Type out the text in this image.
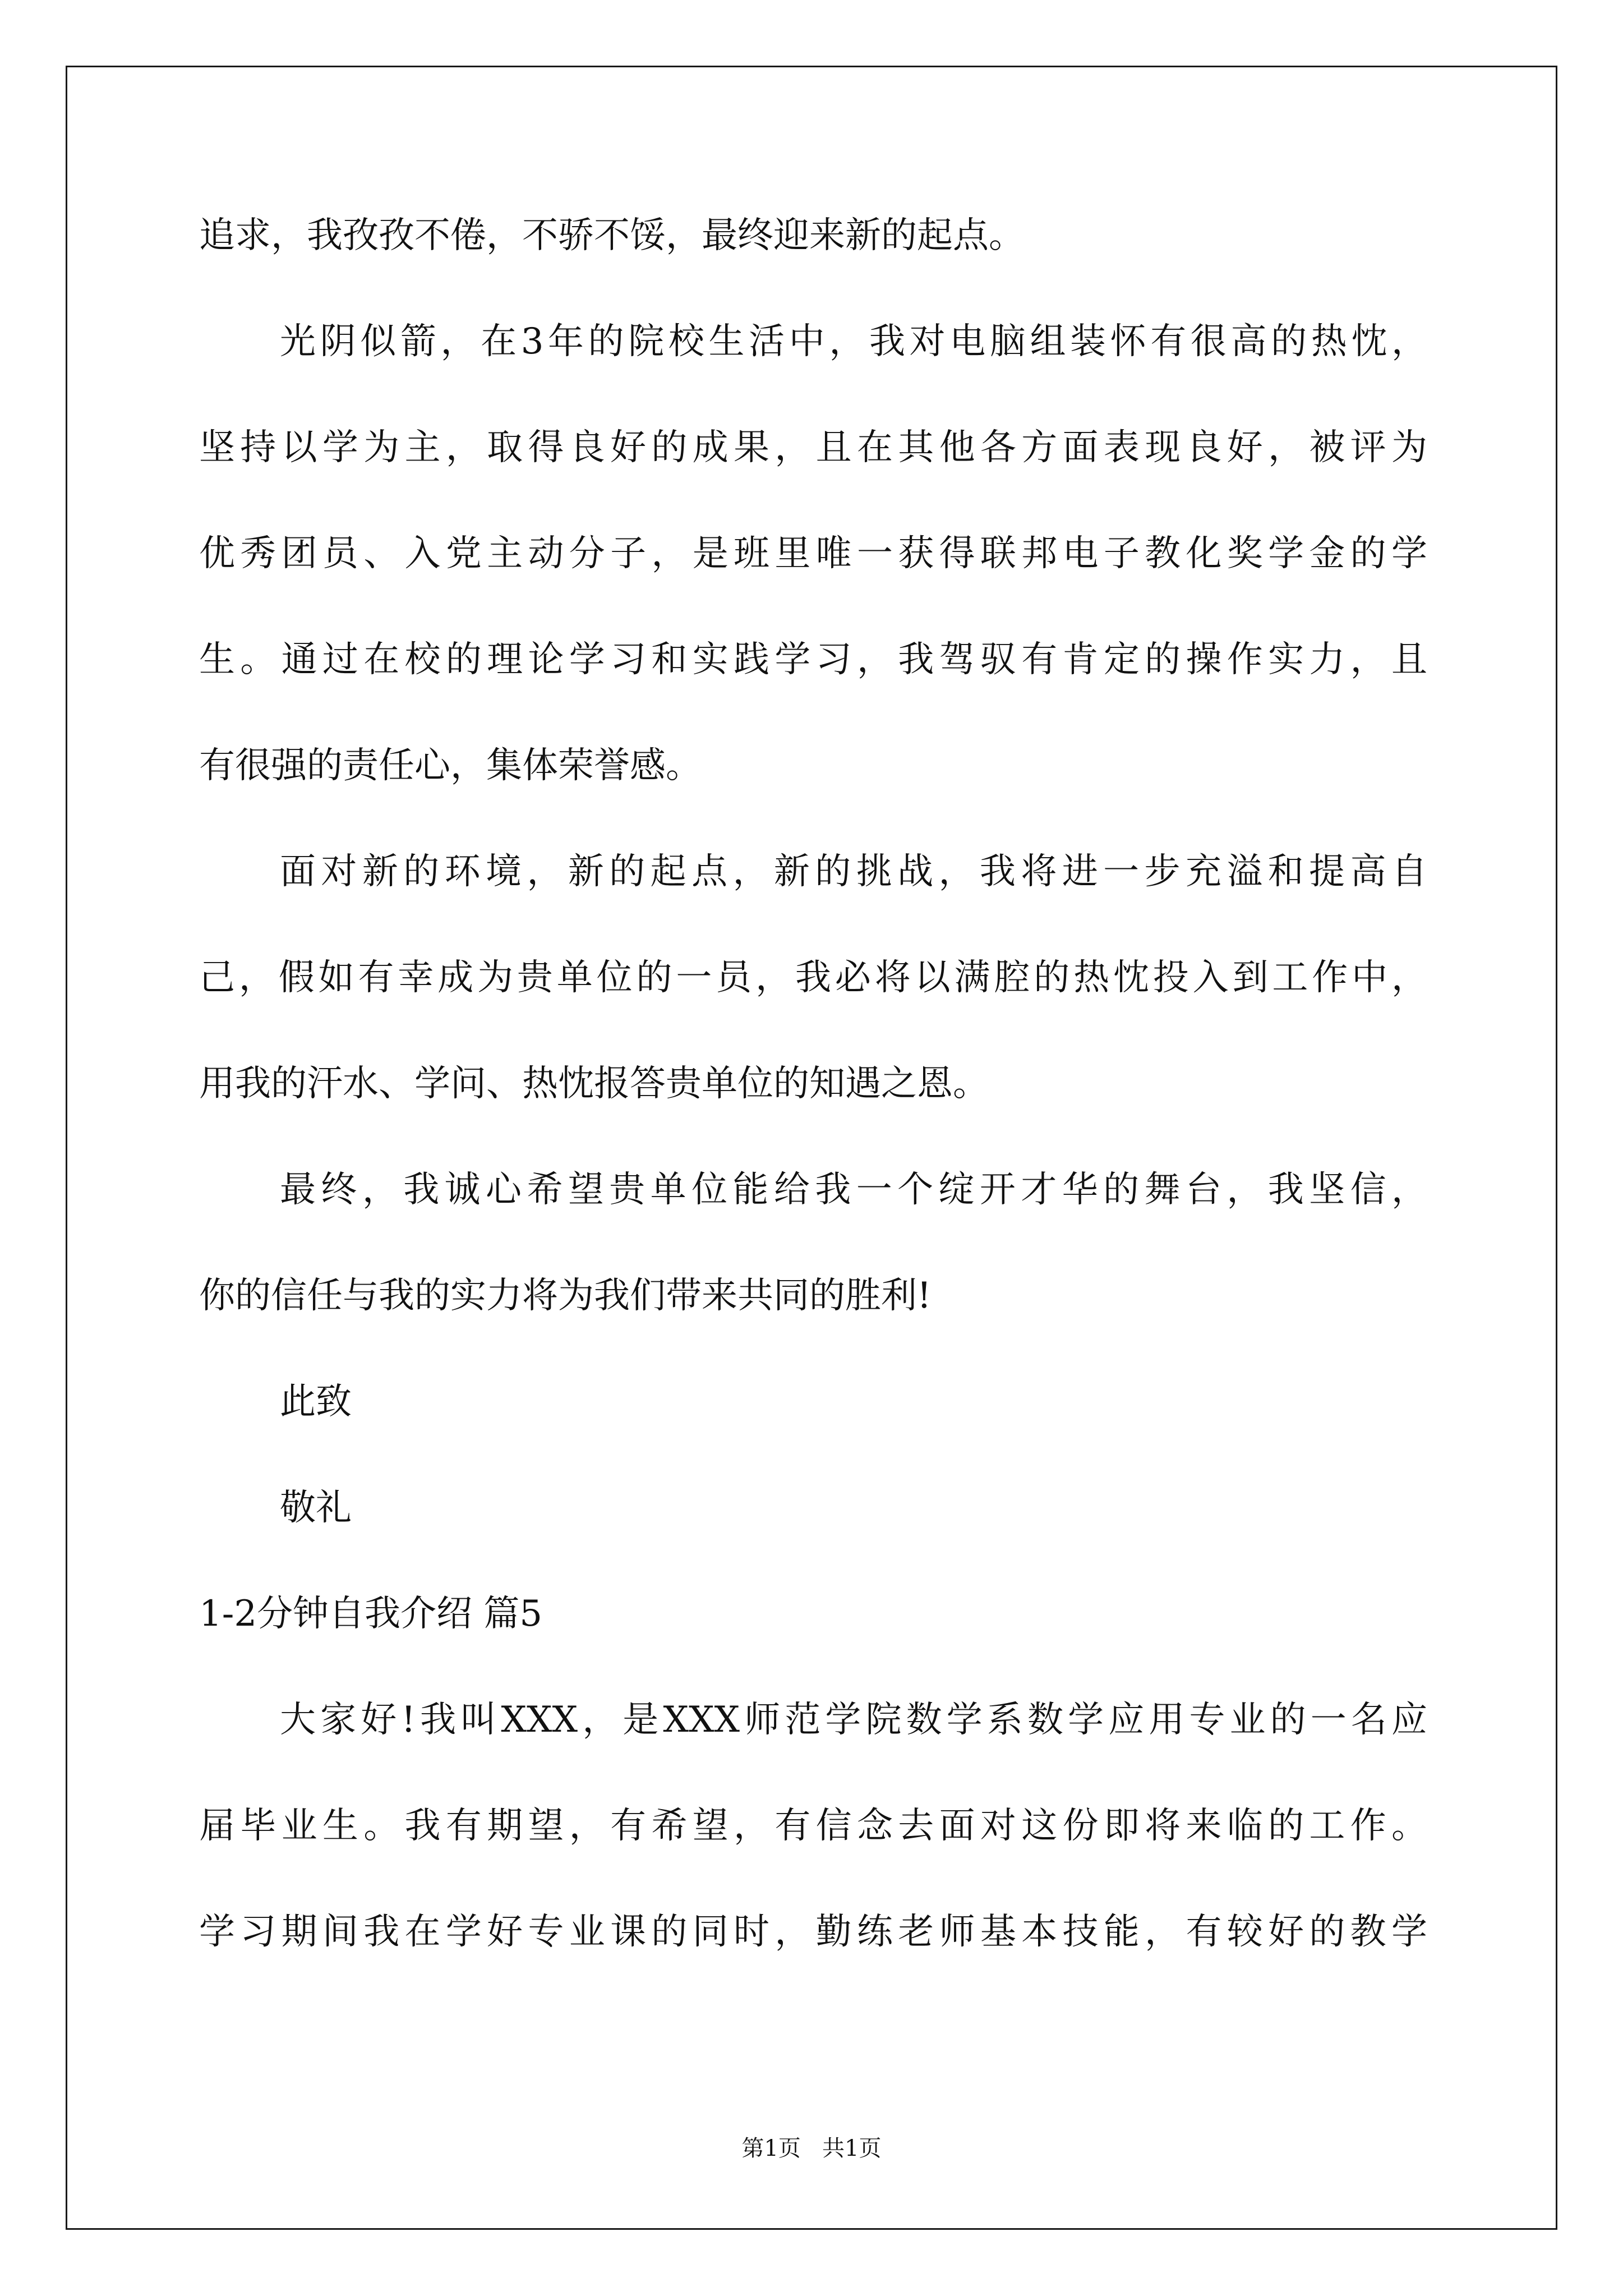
追求，我孜孜不倦，不骄不馁，最终迎来新的起点。
光阴似箭，在3年的院校生活中，我对电脑组装怀有很高的热忱，
坚持以学为主，取得良好的成果，且在其他各方面表现良好，被评为
优秀团员、入党主动分子，是班里唯一获得联邦电子教化奖学金的学
生。通过在校的理论学习和实践学习，我驾驭有肯定的操作实力，且
有很强的责任心，集体荣誉感。
面对新的环境，新的起点，新的挑战，我将进一步充溢和提高自
己，假如有幸成为贵单位的一员，我必将以满腔的热忱投入到工作中，
用我的汗水、学问、热忱报答贵单位的知遇之恩。
最终，我诚心希望贵单位能给我一个绽开才华的舞台，我坚信，
你的信任与我的实力将为我们带来共同的胜利!
此致
敬礼
1-2分钟自我介绍 篇5
大家好!我叫XXX，是XXX师范学院数学系数学应用专业的一名应
届毕业生。我有期望，有希望，有信念去面对这份即将来临的工作。
学习期间我在学好专业课的同时，勤练老师基本技能，有较好的教学
第1页   共1页
